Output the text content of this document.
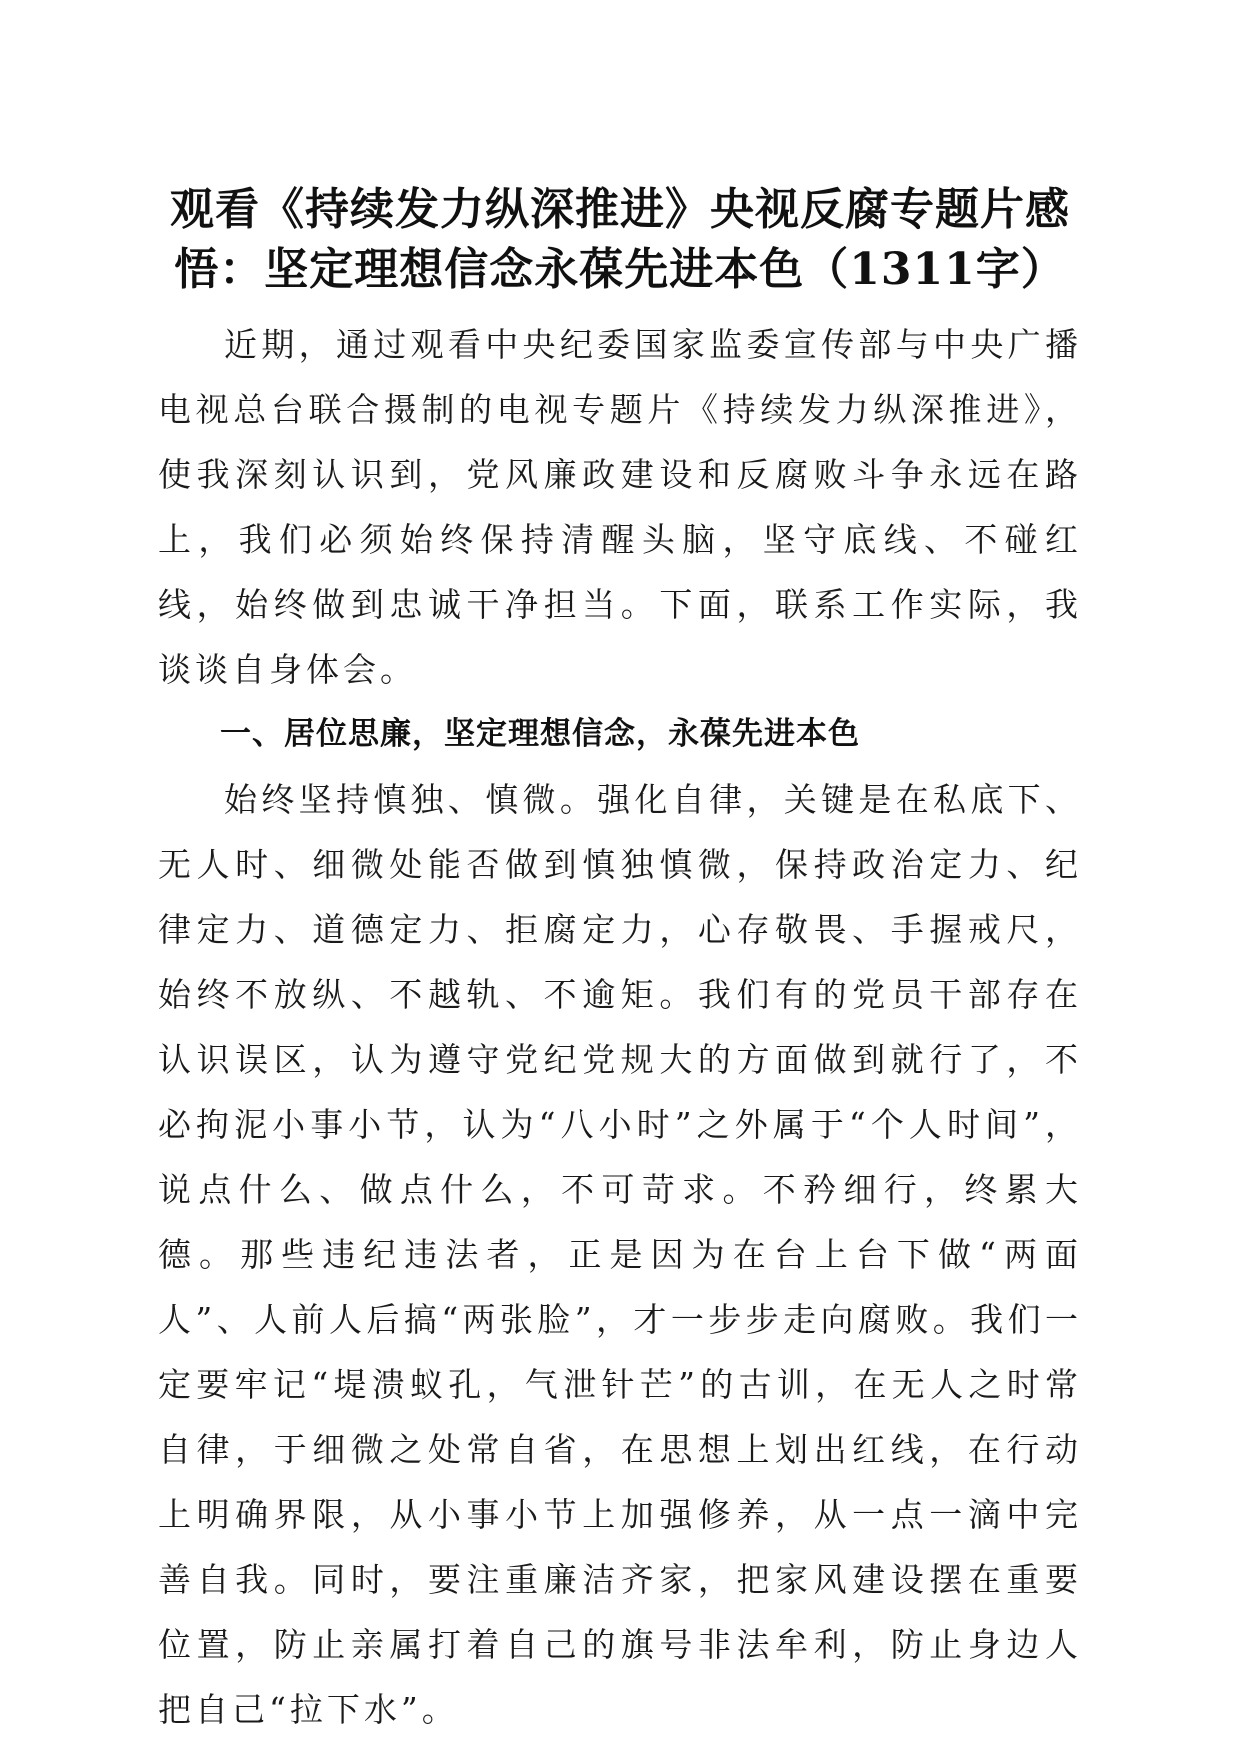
观看《持续发力纵深推进》央视反腐专题片感悟：坚定理想信念永葆先进本色（1311字）

近期，通过观看中央纪委国家监委宣传部与中央广播电视总台联合摄制的电视专题片《持续发力纵深推进》，使我深刻认识到，党风廉政建设和反腐败斗争永远在路上，我们必须始终保持清醒头脑，坚守底线、不碰红线，始终做到忠诚干净担当。下面，联系工作实际，我谈谈自身体会。

一、居位思廉，坚定理想信念，永葆先进本色

始终坚持慎独、慎微。强化自律，关键是在私底下、无人时、细微处能否做到慎独慎微，保持政治定力、纪律定力、道德定力、拒腐定力，心存敬畏、手握戒尺，始终不放纵、不越轨、不逾矩。我们有的党员干部存在认识误区，认为遵守党纪党规大的方面做到就行了，不必拘泥小事小节，认为“八小时”之外属于“个人时间”，说点什么、做点什么，不可苛求。不矜细行，终累大德。那些违纪违法者，正是因为在台上台下做“两面人”、人前人后搞“两张脸”，才一步步走向腐败。我们一定要牢记“堤溃蚁孔，气泄针芒”的古训，在无人之时常自律，于细微之处常自省，在思想上划出红线，在行动上明确界限，从小事小节上加强修养，从一点一滴中完善自我。同时，要注重廉洁齐家，把家风建设摆在重要位置，防止亲属打着自己的旗号非法牟利，防止身边人把自己“拉下水”。
